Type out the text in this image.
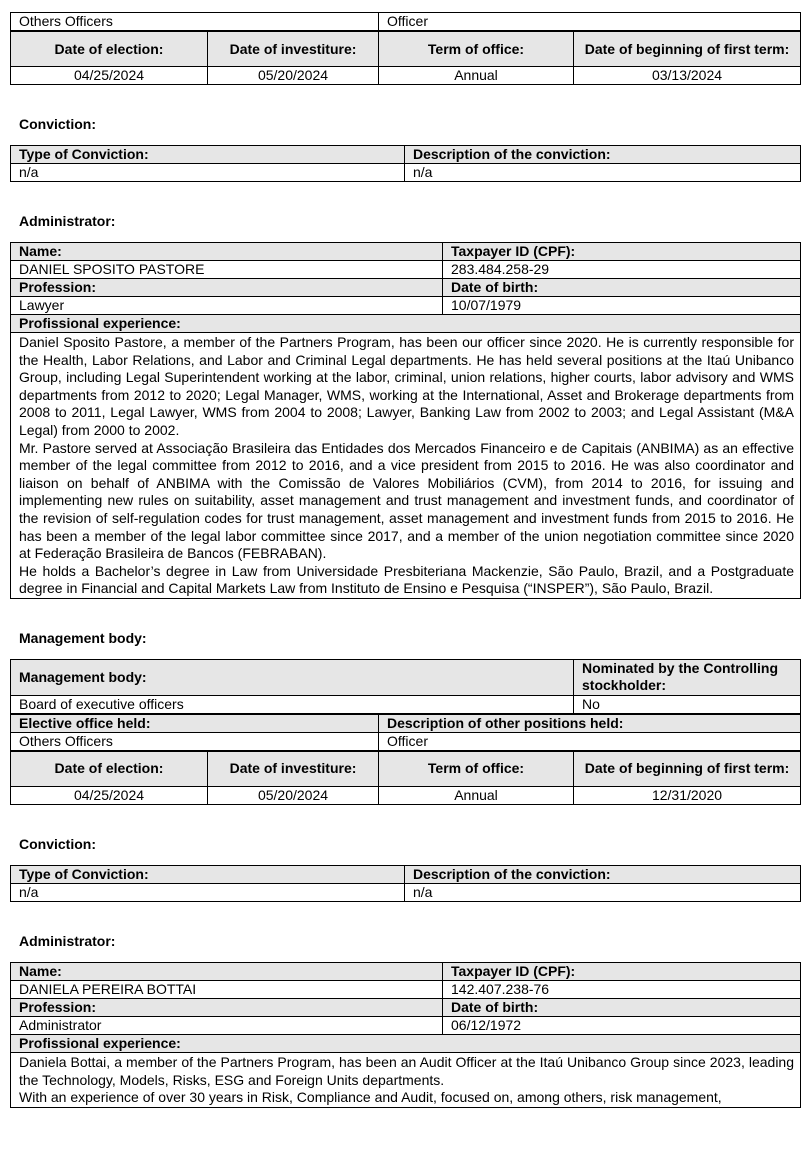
Others Officers	Officer
Date of election:	Date of investiture:	Term of office:	Date of beginning of first term:
04/25/2024	05/20/2024	Annual	03/13/2024
Conviction:
Type of Conviction:	Description of the conviction:
n/a	n/a
Administrator:
Name:	Taxpayer ID (CPF):
DANIEL SPOSITO PASTORE	283.484.258-29
Profession:	Date of birth:
Lawyer	10/07/1979
Profissional experience:	

Daniel Sposito Pastore, a member of the Partners Program, has been our officer since 2020. He is currently responsible for the Health, Labor Relations, and Labor and Criminal Legal departments. He has held several positions at the Itaú Unibanco Group, including Legal Superintendent working at the labor, criminal, union relations, higher courts, labor advisory and WMS departments from 2012 to 2020; Legal Manager, WMS, working at the International, Asset and Brokerage departments from 2008 to 2011, Legal Lawyer, WMS from 2004 to 2008; Lawyer, Banking Law from 2002 to 2003; and Legal Assistant (M&A Legal) from 2000 to 2002.
Mr. Pastore served at Associação Brasileira das Entidades dos Mercados Financeiro e de Capitais (ANBIMA) as an effective member of the legal committee from 2012 to 2016, and a vice president from 2015 to 2016. He was also coordinator and liaison on behalf of ANBIMA with the Comissão de Valores Mobiliários (CVM), from 2014 to 2016, for issuing and implementing new rules on suitability, asset management and trust management and investment funds, and coordinator of the revision of self-regulation codes for trust management, asset management and investment funds from 2015 to 2016. He has been a member of the legal labor committee since 2017, and a member of the union negotiation committee since 2020 at Federação Brasileira de Bancos (FEBRABAN).
He holds a Bachelor’s degree in Law from Universidade Presbiteriana Mackenzie, São Paulo, Brazil, and a Postgraduate degree in Financial and Capital Markets Law from Instituto de Ensino e Pesquisa (“INSPER”), São Paulo, Brazil.	
Management body:
Management body:	Nominated by the Controlling stockholder:
Board of executive officers	No
Elective office held:	Description of other positions held:
Others Officers	Officer
Date of election:	Date of investiture:	Term of office:	Date of beginning of first term:
04/25/2024	05/20/2024	Annual	12/31/2020
Conviction:
Type of Conviction:	Description of the conviction:
n/a	n/a
Administrator:
Name:	Taxpayer ID (CPF):
DANIELA PEREIRA BOTTAI	142.407.238-76
Profession:	Date of birth:
Administrator	06/12/1972
Profissional experience:	

Daniela Bottai, a member of the Partners Program, has been an Audit Officer at the Itaú Unibanco Group since 2023, leading the Technology, Models, Risks, ESG and Foreign Units departments.
With an experience of over 30 years in Risk, Compliance and Audit, focused on, among others, risk management,	
